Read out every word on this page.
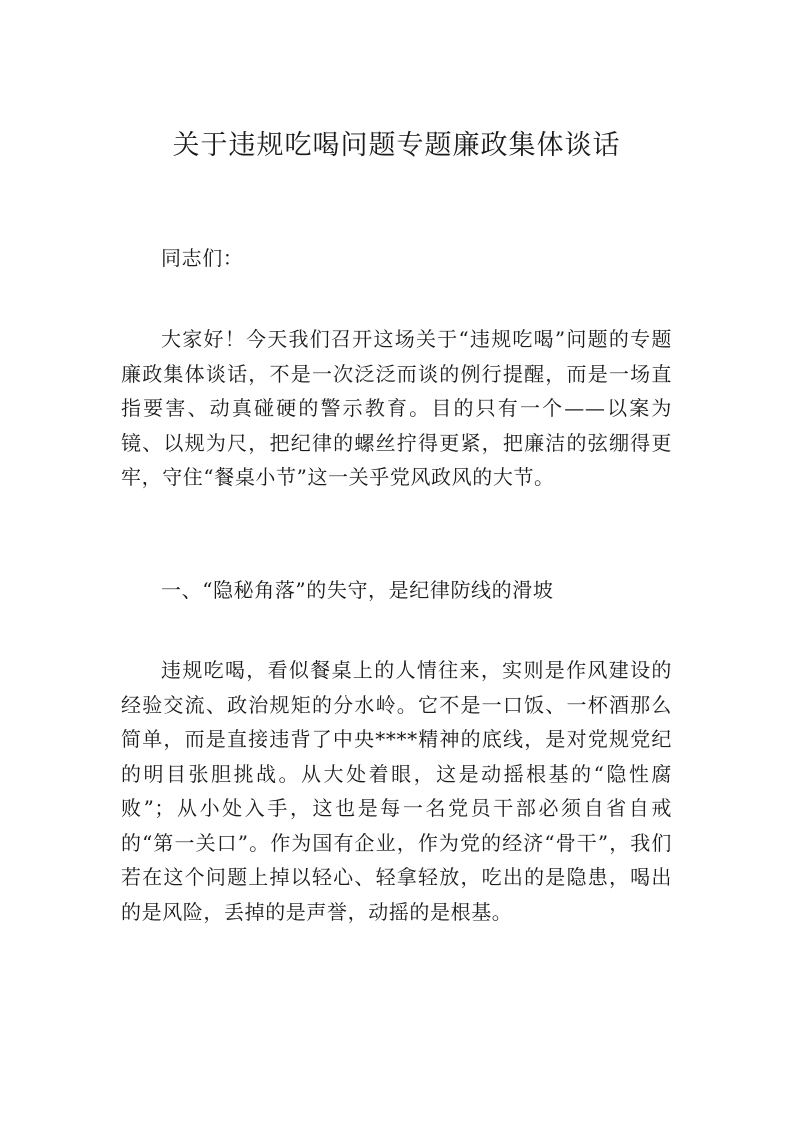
关于违规吃喝问题专题廉政集体谈话

同志们：

大家好！今天我们召开这场关于“违规吃喝”问题的专题廉政集体谈话，不是一次泛泛而谈的例行提醒，而是一场直指要害、动真碰硬的警示教育。目的只有一个——以案为镜、以规为尺，把纪律的螺丝拧得更紧，把廉洁的弦绷得更牢，守住“餐桌小节”这一关乎党风政风的大节。

一、“隐秘角落”的失守，是纪律防线的滑坡

违规吃喝，看似餐桌上的人情往来，实则是作风建设的经验交流、政治规矩的分水岭。它不是一口饭、一杯酒那么简单，而是直接违背了中央****精神的底线，是对党规党纪的明目张胆挑战。从大处着眼，这是动摇根基的“隐性腐败”；从小处入手，这也是每一名党员干部必须自省自戒的“第一关口”。作为国有企业，作为党的经济“骨干”，我们若在这个问题上掉以轻心、轻拿轻放，吃出的是隐患，喝出的是风险，丢掉的是声誉，动摇的是根基。
